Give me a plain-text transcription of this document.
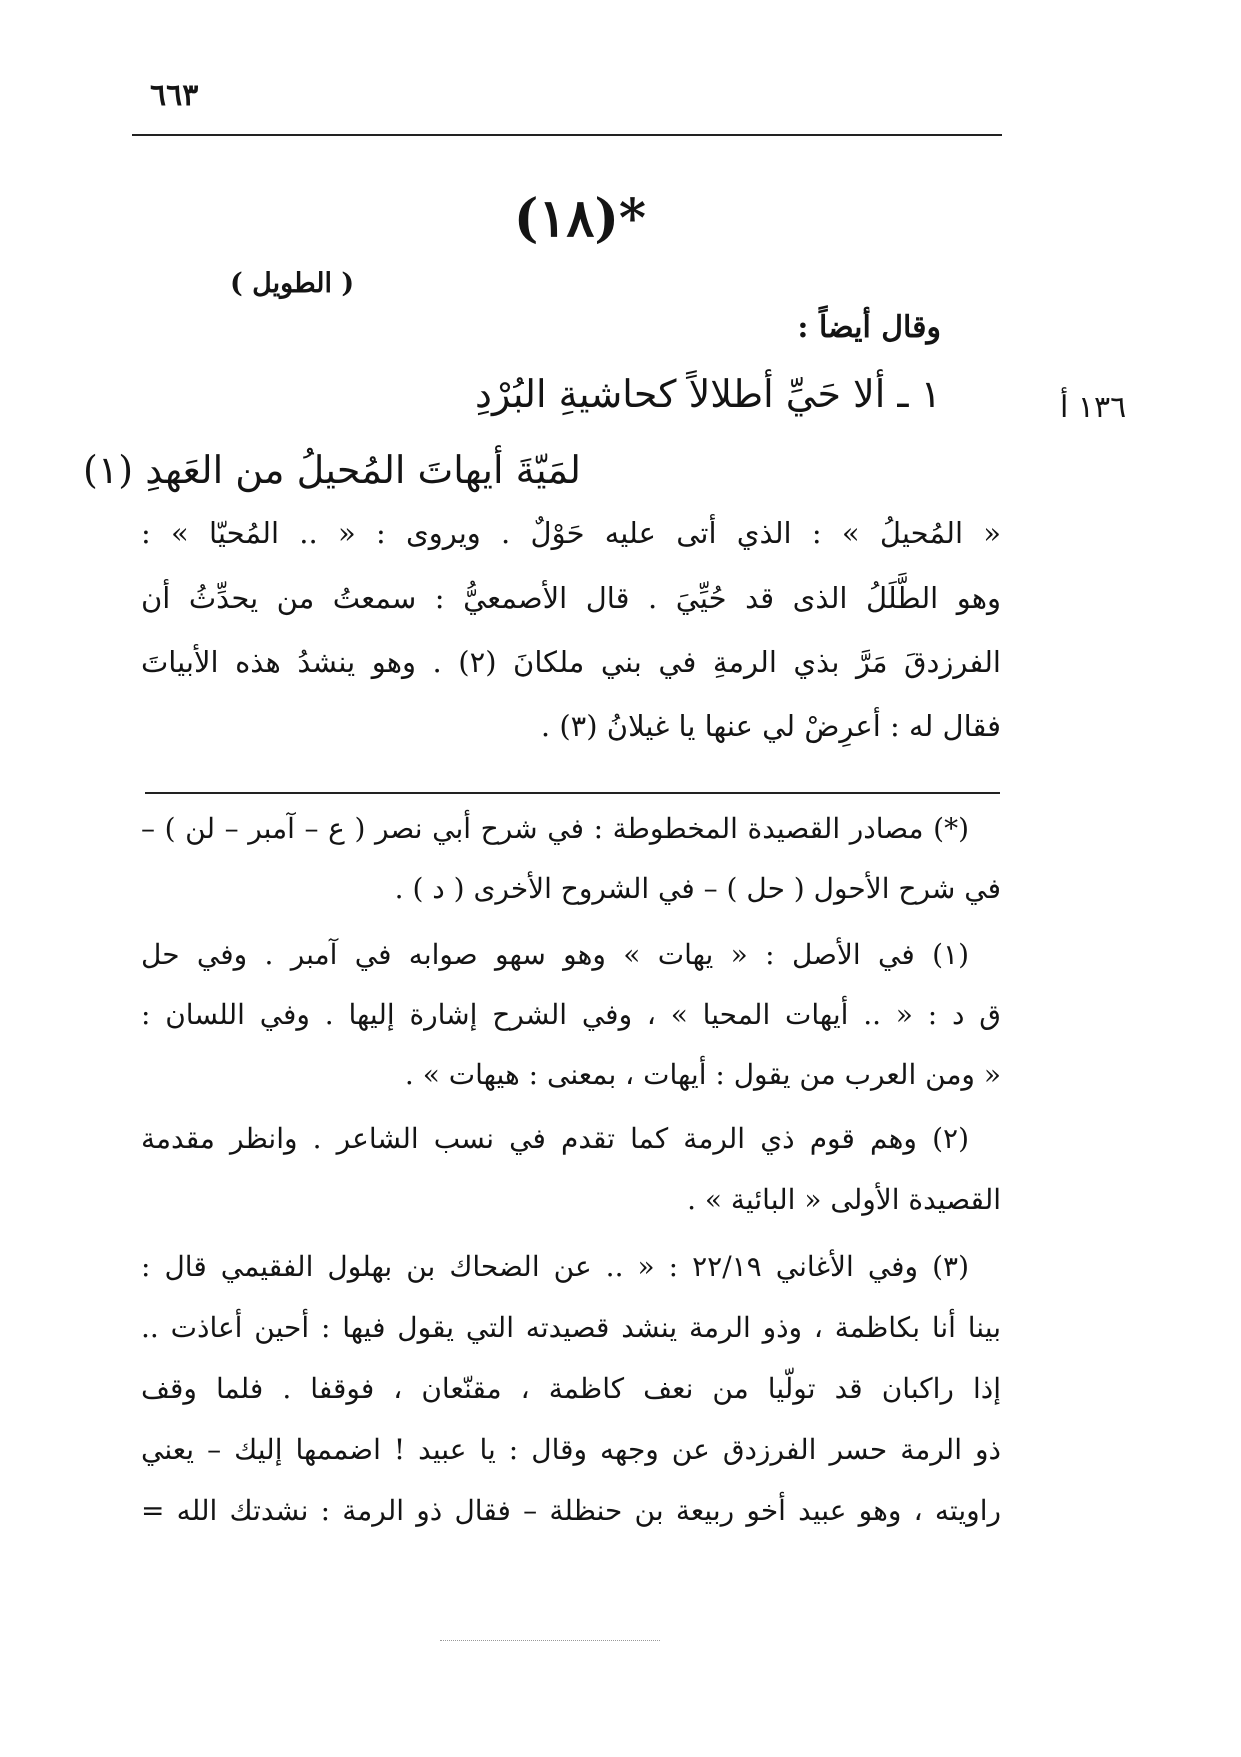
٦٦٣
*(١٨)
( الطويل )
وقال أيضاً :
١٣٦ أ
١ ـ ألا حَيِّ أطلالاً كحاشيةِ البُرْدِ
لمَيّةَ أيهاتَ المُحيلُ من العَهدِ (١)
« المُحيلُ » : الذي أتى عليه حَوْلٌ . ويروى : « .. المُحيّا » :
وهو الطَّلَلُ الذى قد حُيِّيَ . قال الأصمعيُّ : سمعتُ من يحدِّثُ أن
الفرزدقَ مَرَّ بذي الرمةِ في بني ملكانَ (٢) . وهو ينشدُ هذه الأبياتَ
فقال له : أعرِضْ لي عنها يا غيلانُ (٣) .
(*) مصادر القصيدة المخطوطة : في شرح أبي نصر ( ع – آمبر – لن ) –
في شرح الأحول ( حل ) – في الشروح الأخرى ( د ) .
(١) في الأصل : « يهات » وهو سهو صوابه في آمبر . وفي حل
ق د : « .. أيهات المحيا » ، وفي الشرح إشارة إليها . وفي اللسان :
« ومن العرب من يقول : أيهات ، بمعنى : هيهات » .
(٢) وهم قوم ذي الرمة كما تقدم في نسب الشاعر . وانظر مقدمة
القصيدة الأولى « البائية » .
(٣) وفي الأغاني ٢٢/١٩ : « .. عن الضحاك بن بهلول الفقيمي قال :
بينا أنا بكاظمة ، وذو الرمة ينشد قصيدته التي يقول فيها : أحين أعاذت ..
إذا راكبان قد تولّيا من نعف كاظمة ، مقنّعان ، فوقفا . فلما وقف
ذو الرمة حسر الفرزدق عن وجهه وقال : يا عبيد ! اضممها إليك – يعني
راويته ، وهو عبيد أخو ربيعة بن حنظلة – فقال ذو الرمة : نشدتك الله =
